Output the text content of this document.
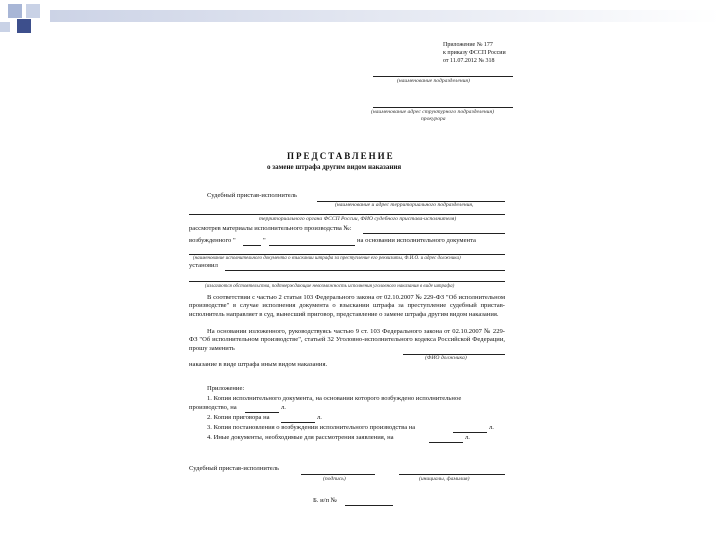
Приложение № 177
к приказу ФССП России
от 11.07.2012 № 318
(наименование подразделения)
(наименование адрес структурного подразделения)
прокурора
ПРЕДСТАВЛЕНИЕ
о замене штрафа другим видом наказания
Судебный пристав-исполнитель
(наименование и адрес территориального подразделения,
территориального органа ФССП России, ФИО судебного пристава-исполнителя)
рассмотрев материалы исполнительного производства №:
возбужденного "	"	на основании исполнительного документа
(наименование исполнительного документа о взыскании штрафа за преступление его реквизиты, Ф.И.О. и адрес должника)
установил
(излагаются обстоятельства, подтверждающие невозможность исполнения уголовного наказания в виде штрафа)
В соответствии с частью 2 статьи 103 Федерального закона от 02.10.2007 № 229-ФЗ "Об исполнительном производстве" в случае исполнения документа о взыскании штрафа за преступление судебный пристав-исполнитель направляет в суд, вынесший приговор, представление о замене штрафа другим видом наказания.
На основании изложенного, руководствуясь частью 9 ст. 103 Федерального закона от 02.10.2007 № 229-ФЗ "Об исполнительном производстве", статьей 32 Уголовно-исполнительного кодекса Российской Федерации, прошу заменить
(ФИО должника)
наказание в виде штрафа иным видом наказания.
Приложение:
1. Копия исполнительного документа, на основании которого возбуждено исполнительное
производство, на	л.
2. Копия приговора на	л.
3. Копия постановления о возбуждении исполнительного производства на	л.
4. Иные документы, необходимые для рассмотрения заявления, на	л.
Судебный пристав-исполнитель
(подпись)	(инициалы, фамилия)
Б. и/п №
